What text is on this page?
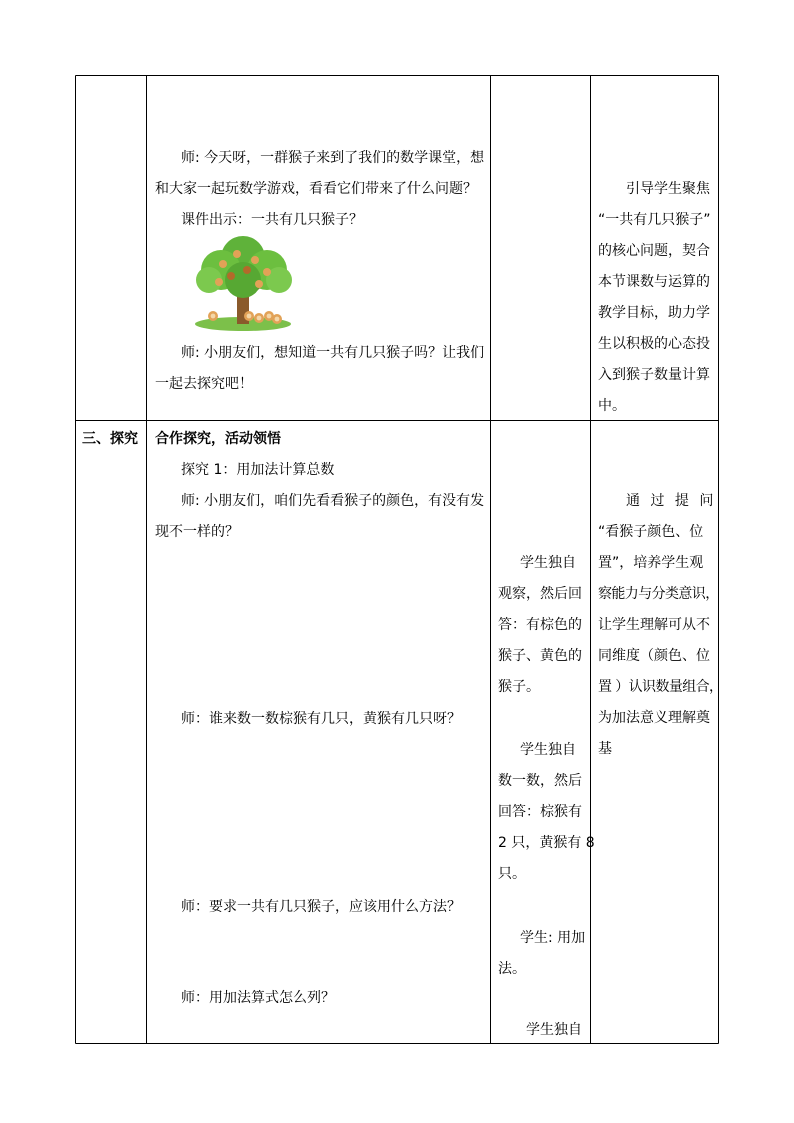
师: 今天呀，一群猴子来到了我们的数学课堂，想
和大家一起玩数学游戏，看看它们带来了什么问题？
课件出示：一共有几只猴子？
师: 小朋友们，想知道一共有几只猴子吗？让我们
一起去探究吧！
引导学生聚焦
“一共有几只猴子”
的核心问题，契合
本节课数与运算的
教学目标，助力学
生以积极的心态投
入到猴子数量计算
中。
三、探究 合作探究，活动领悟
探究 1：用加法计算总数
师: 小朋友们，咱们先看看猴子的颜色，有没有发
现不一样的？
师：谁来数一数棕猴有几只，黄猴有几只呀？
师：要求一共有几只猴子，应该用什么方法？
师：用加法算式怎么列？
学生独自
观察，然后回
答：有棕色的
猴子、黄色的
猴子。
学生独自
数一数，然后
回答：棕猴有
2 只，黄猴有 8
只。
学生: 用加
法。
学生独自
通 过 提 问
“看猴子颜色、位
置”，培养学生观
察能力与分类意识，
让学生理解可从不
同维度（颜色、位
置 ）认识数量组合，
为加法意义理解奠
基
